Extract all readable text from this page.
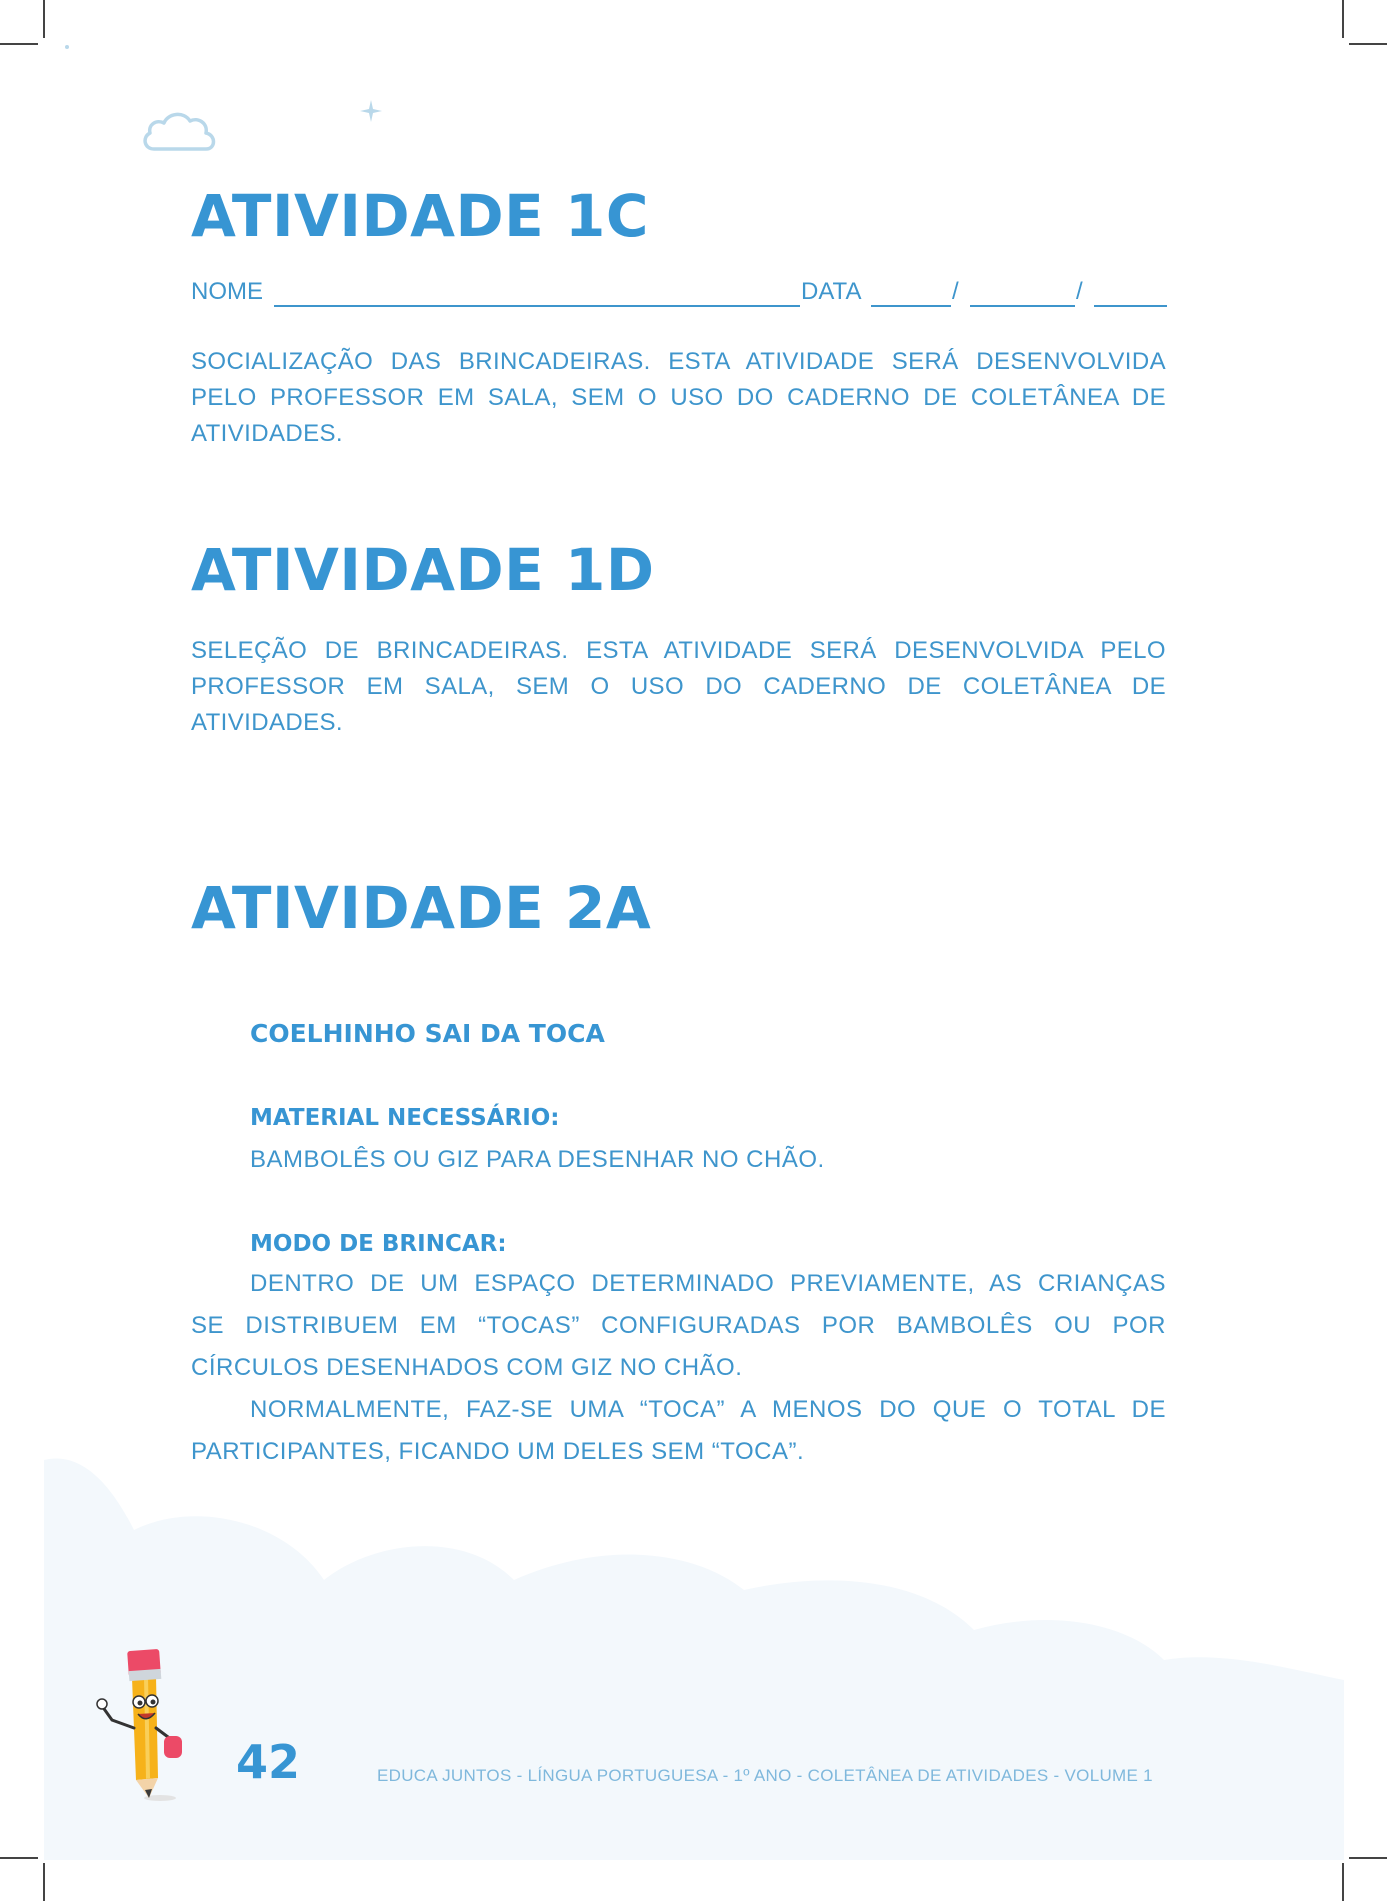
ATIVIDADE 1C
NOME	DATA	/	/

SOCIALIZAÇÃO DAS BRINCADEIRAS. ESTA ATIVIDADE SERÁ DESENVOLVIDA PELO PROFESSOR EM SALA, SEM O USO DO CADERNO DE COLETÂNEA DE ATIVIDADES.

ATIVIDADE 1D

SELEÇÃO DE BRINCADEIRAS. ESTA ATIVIDADE SERÁ DESENVOLVIDA PELO PROFESSOR EM SALA, SEM O USO DO CADERNO DE COLETÂNEA DE ATIVIDADES.

ATIVIDADE 2A

COELHINHO SAI DA TOCA

MATERIAL NECESSÁRIO:

BAMBOLÊS OU GIZ PARA DESENHAR NO CHÃO.

MODO DE BRINCAR:

DENTRO DE UM ESPAÇO DETERMINADO PREVIAMENTE, AS CRIANÇAS

SE DISTRIBUEM EM “TOCAS” CONFIGURADAS POR BAMBOLÊS OU POR

CÍRCULOS DESENHADOS COM GIZ NO CHÃO.

NORMALMENTE, FAZ-SE UMA “TOCA” A MENOS DO QUE O TOTAL DE

PARTICIPANTES, FICANDO UM DELES SEM “TOCA”.

42	EDUCA JUNTOS - LÍNGUA PORTUGUESA - 1º ANO - COLETÂNEA DE ATIVIDADES - VOLUME 1
